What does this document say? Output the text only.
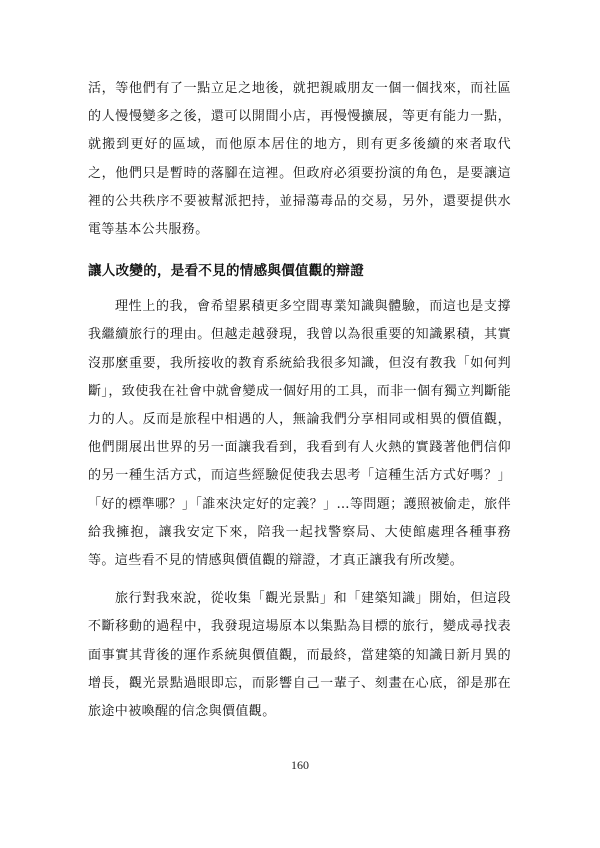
活，等他們有了一點立足之地後，就把親戚朋友一個一個找來，而社區的人慢慢變多之後，還可以開間小店，再慢慢擴展，等更有能力一點，就搬到更好的區域，而他原本居住的地方，則有更多後續的來者取代之，他們只是暫時的落腳在這裡。但政府必須要扮演的角色，是要讓這裡的公共秩序不要被幫派把持，並掃蕩毒品的交易，另外，還要提供水電等基本公共服務。

讓人改變的，是看不見的情感與價值觀的辯證

理性上的我，會希望累積更多空間專業知識與體驗，而這也是支撐我繼續旅行的理由。但越走越發現，我曾以為很重要的知識累積，其實沒那麼重要，我所接收的教育系統給我很多知識，但沒有教我「如何判斷」，致使我在社會中就會變成一個好用的工具，而非一個有獨立判斷能力的人。反而是旅程中相遇的人，無論我們分享相同或相異的價值觀，他們開展出世界的另一面讓我看到，我看到有人火熱的實踐著他們信仰的另一種生活方式，而這些經驗促使我去思考「這種生活方式好嗎？」「好的標準哪？」「誰來決定好的定義？」…等問題；護照被偷走，旅伴給我擁抱，讓我安定下來，陪我一起找警察局、大使館處理各種事務等。這些看不見的情感與價值觀的辯證，才真正讓我有所改變。

旅行對我來說，從收集「觀光景點」和「建築知識」開始，但這段不斷移動的過程中，我發現這場原本以集點為目標的旅行，變成尋找表面事實其背後的運作系統與價值觀，而最終，當建築的知識日新月異的增長，觀光景點過眼即忘，而影響自己一輩子、刻畫在心底，卻是那在旅途中被喚醒的信念與價值觀。

160
